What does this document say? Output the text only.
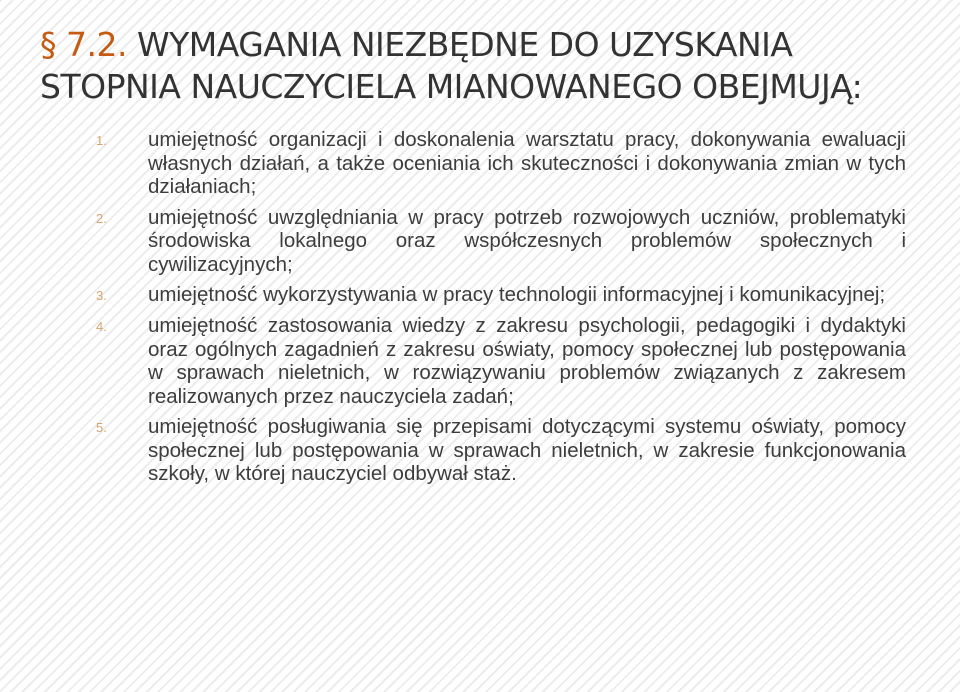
§ 7.2. WYMAGANIA NIEZBĘDNE DO UZYSKANIA
STOPNIA NAUCZYCIELA MIANOWANEGO OBEJMUJĄ:
1.	umiejętność organizacji i doskonalenia warsztatu pracy, dokonywania ewaluacji własnych działań, a także oceniania ich skuteczności i dokonywania zmian w tych działaniach;
2.	umiejętność uwzględniania w pracy potrzeb rozwojowych uczniów, problematyki środowiska lokalnego oraz współczesnych problemów społecznych i cywilizacyjnych;
3.	umiejętność wykorzystywania w pracy technologii informacyjnej i komunikacyjnej;
4.	umiejętność zastosowania wiedzy z zakresu psychologii, pedagogiki i dydaktyki oraz ogólnych zagadnień z zakresu oświaty, pomocy społecznej lub postępowania w sprawach nieletnich, w rozwiązywaniu problemów związanych z zakresem realizowanych przez nauczyciela zadań;
5.	umiejętność posługiwania się przepisami dotyczącymi systemu oświaty, pomocy społecznej lub postępowania w sprawach nieletnich, w zakresie funkcjonowania szkoły, w której nauczyciel odbywał staż.
